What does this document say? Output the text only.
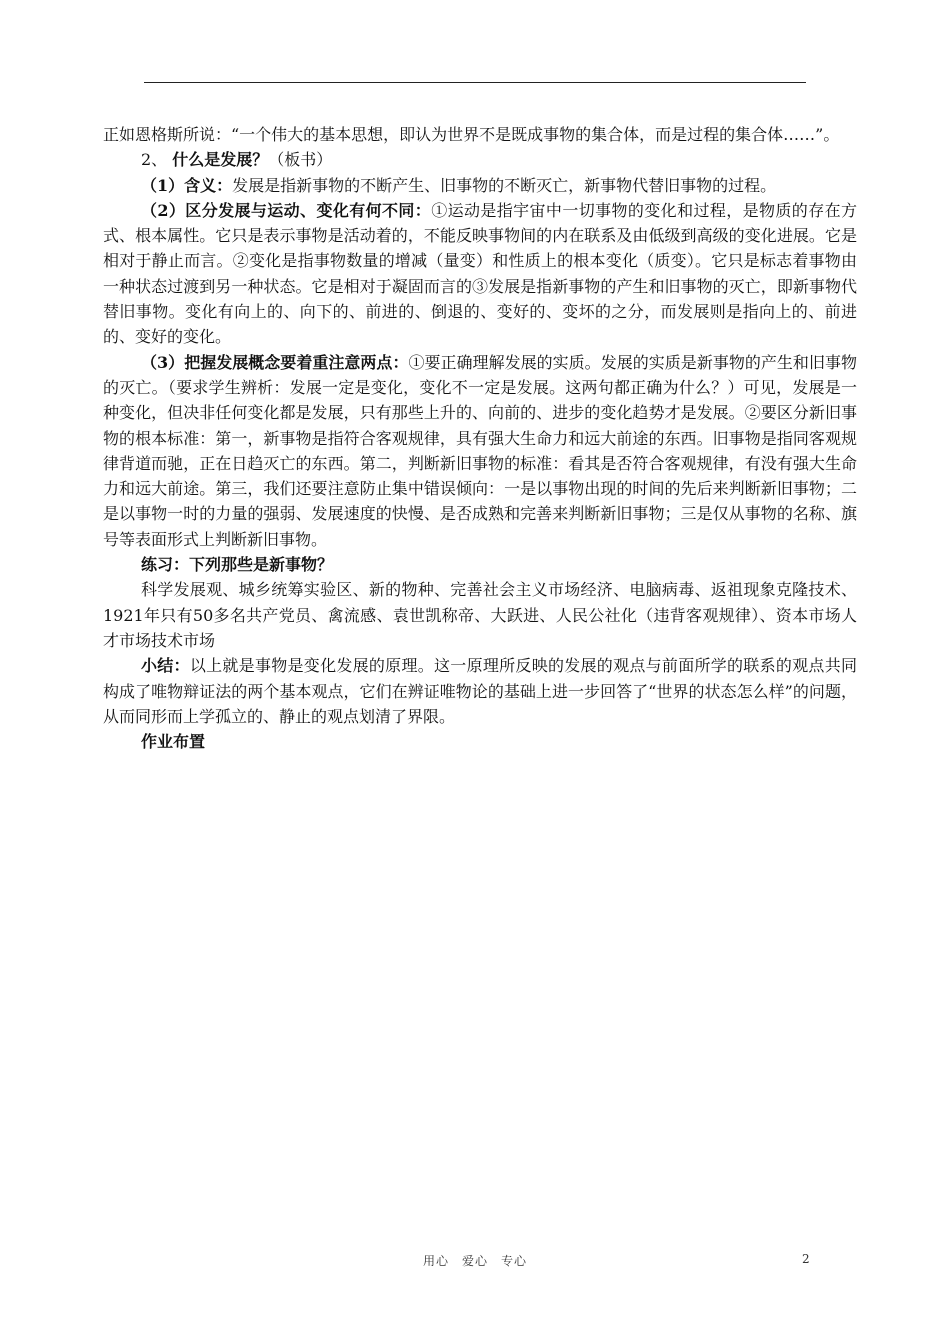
正如恩格斯所说：“一个伟大的基本思想，即认为世界不是既成事物的集合体，而是过程的集合体……”。

2、 什么是发展？（板书）

（1）含义：发展是指新事物的不断产生、旧事物的不断灭亡，新事物代替旧事物的过程。

（2）区分发展与运动、变化有何不同：①运动是指宇宙中一切事物的变化和过程，是物质的存在方式、根本属性。它只是表示事物是活动着的，不能反映事物间的内在联系及由低级到高级的变化进展。它是相对于静止而言。②变化是指事物数量的增减（量变）和性质上的根本变化（质变）。它只是标志着事物由一种状态过渡到另一种状态。它是相对于凝固而言的③发展是指新事物的产生和旧事物的灭亡，即新事物代替旧事物。变化有向上的、向下的、前进的、倒退的、变好的、变坏的之分，而发展则是指向上的、前进的、变好的变化。

（3）把握发展概念要着重注意两点：①要正确理解发展的实质。发展的实质是新事物的产生和旧事物的灭亡。（要求学生辨析：发展一定是变化，变化不一定是发展。这两句都正确为什么？）可见，发展是一种变化，但决非任何变化都是发展，只有那些上升的、向前的、进步的变化趋势才是发展。②要区分新旧事物的根本标准：第一，新事物是指符合客观规律，具有强大生命力和远大前途的东西。旧事物是指同客观规律背道而驰，正在日趋灭亡的东西。第二，判断新旧事物的标准：看其是否符合客观规律，有没有强大生命力和远大前途。第三，我们还要注意防止集中错误倾向：一是以事物出现的时间的先后来判断新旧事物；二是以事物一时的力量的强弱、发展速度的快慢、是否成熟和完善来判断新旧事物；三是仅从事物的名称、旗号等表面形式上判断新旧事物。

练习：下列那些是新事物？

科学发展观、城乡统筹实验区、新的物种、完善社会主义市场经济、电脑病毒、返祖现象克隆技术、1921年只有50多名共产党员、禽流感、袁世凯称帝、大跃进、人民公社化（违背客观规律）、资本市场人才市场技术市场

小结：以上就是事物是变化发展的原理。这一原理所反映的发展的观点与前面所学的联系的观点共同构成了唯物辩证法的两个基本观点，它们在辨证唯物论的基础上进一步回答了“世界的状态怎么样”的问题，从而同形而上学孤立的、静止的观点划清了界限。

作业布置

用心　爱心　专心	2
